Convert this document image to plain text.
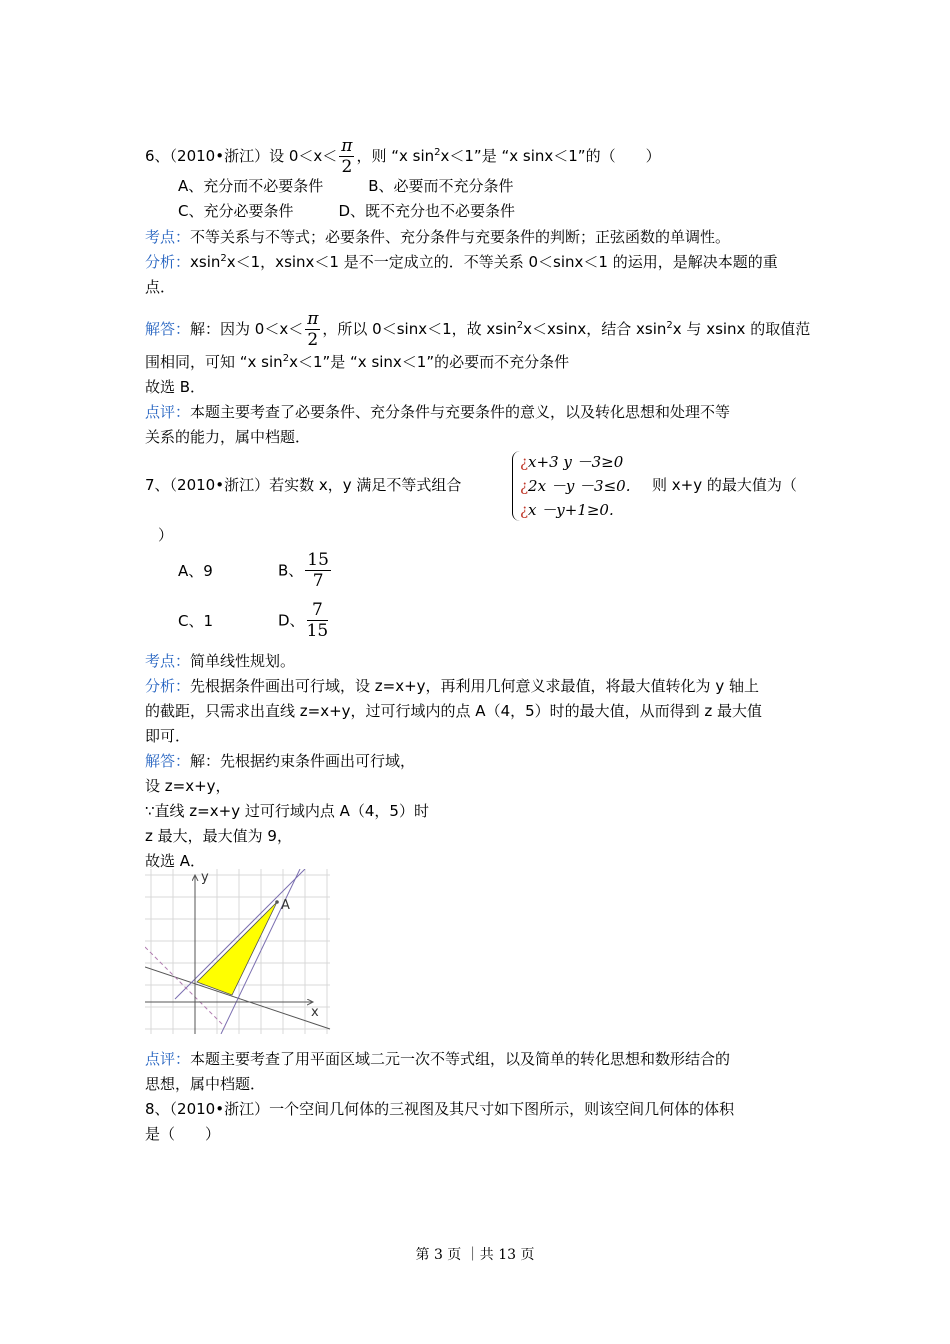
6、（2010•浙江）设 $0<x< \frac{\pi}{2}$ ，则 “x $\sin^2x<1$”是 “x sinx＜1”的（　　）
A、充分而不必要条件　　　B、必要而不充分条件
C、充分必要条件　　　D、既不充分也不必要条件
考点：不等关系与不等式；必要条件、充分条件与充要条件的判断；正弦函数的单调性。
分析：xsin$^2$x＜1，xsinx＜1 是不一定成立的．不等关系 0＜sinx＜1 的运用，是解决本题的重
点．
解答：解：因为 $0<x< \frac{\pi}{2}$ ，所以 0＜sinx＜1，故 xsin$^2$x＜xsinx，结合 xsin$^2$x 与 xsinx 的取值范
围相同，可知 “x $\sin^2x<1$”是 “x sinx＜1”的必要而不充分条件
故选 B．
点评：本题主要考查了必要条件、充分条件与充要条件的意义，以及转化思想和处理不等
关系的能力，属中档题．
7、（2010•浙江）若实数 x，y 满足不等式组合
¿x+3 y －3≥0
¿2x －y －3≤0.
¿x －y+1≥0.
则 x+y 的最大值为（
）
A、9	B、 $\frac{15}{7}$
C、1	D、 $\frac{7}{15}$
考点：简单线性规划。
分析：先根据条件画出可行域，设 z=x+y，再利用几何意义求最值，将最大值转化为 y 轴上
的截距，只需求出直线 z=x+y，过可行域内的点 A（4，5）时的最大值，从而得到 z 最大值
即可．
解答：解：先根据约束条件画出可行域，
设 z=x+y，
∵直线 z=x+y 过可行域内点 A（4，5）时
z 最大，最大值为 9，
故选 A．
y
x
A
点评：本题主要考查了用平面区域二元一次不等式组，以及简单的转化思想和数形结合的
思想，属中档题．
8、（2010•浙江）一个空间几何体的三视图及其尺寸如下图所示，则该空间几何体的体积
是（　　）
第 3 页 ｜共 13 页
